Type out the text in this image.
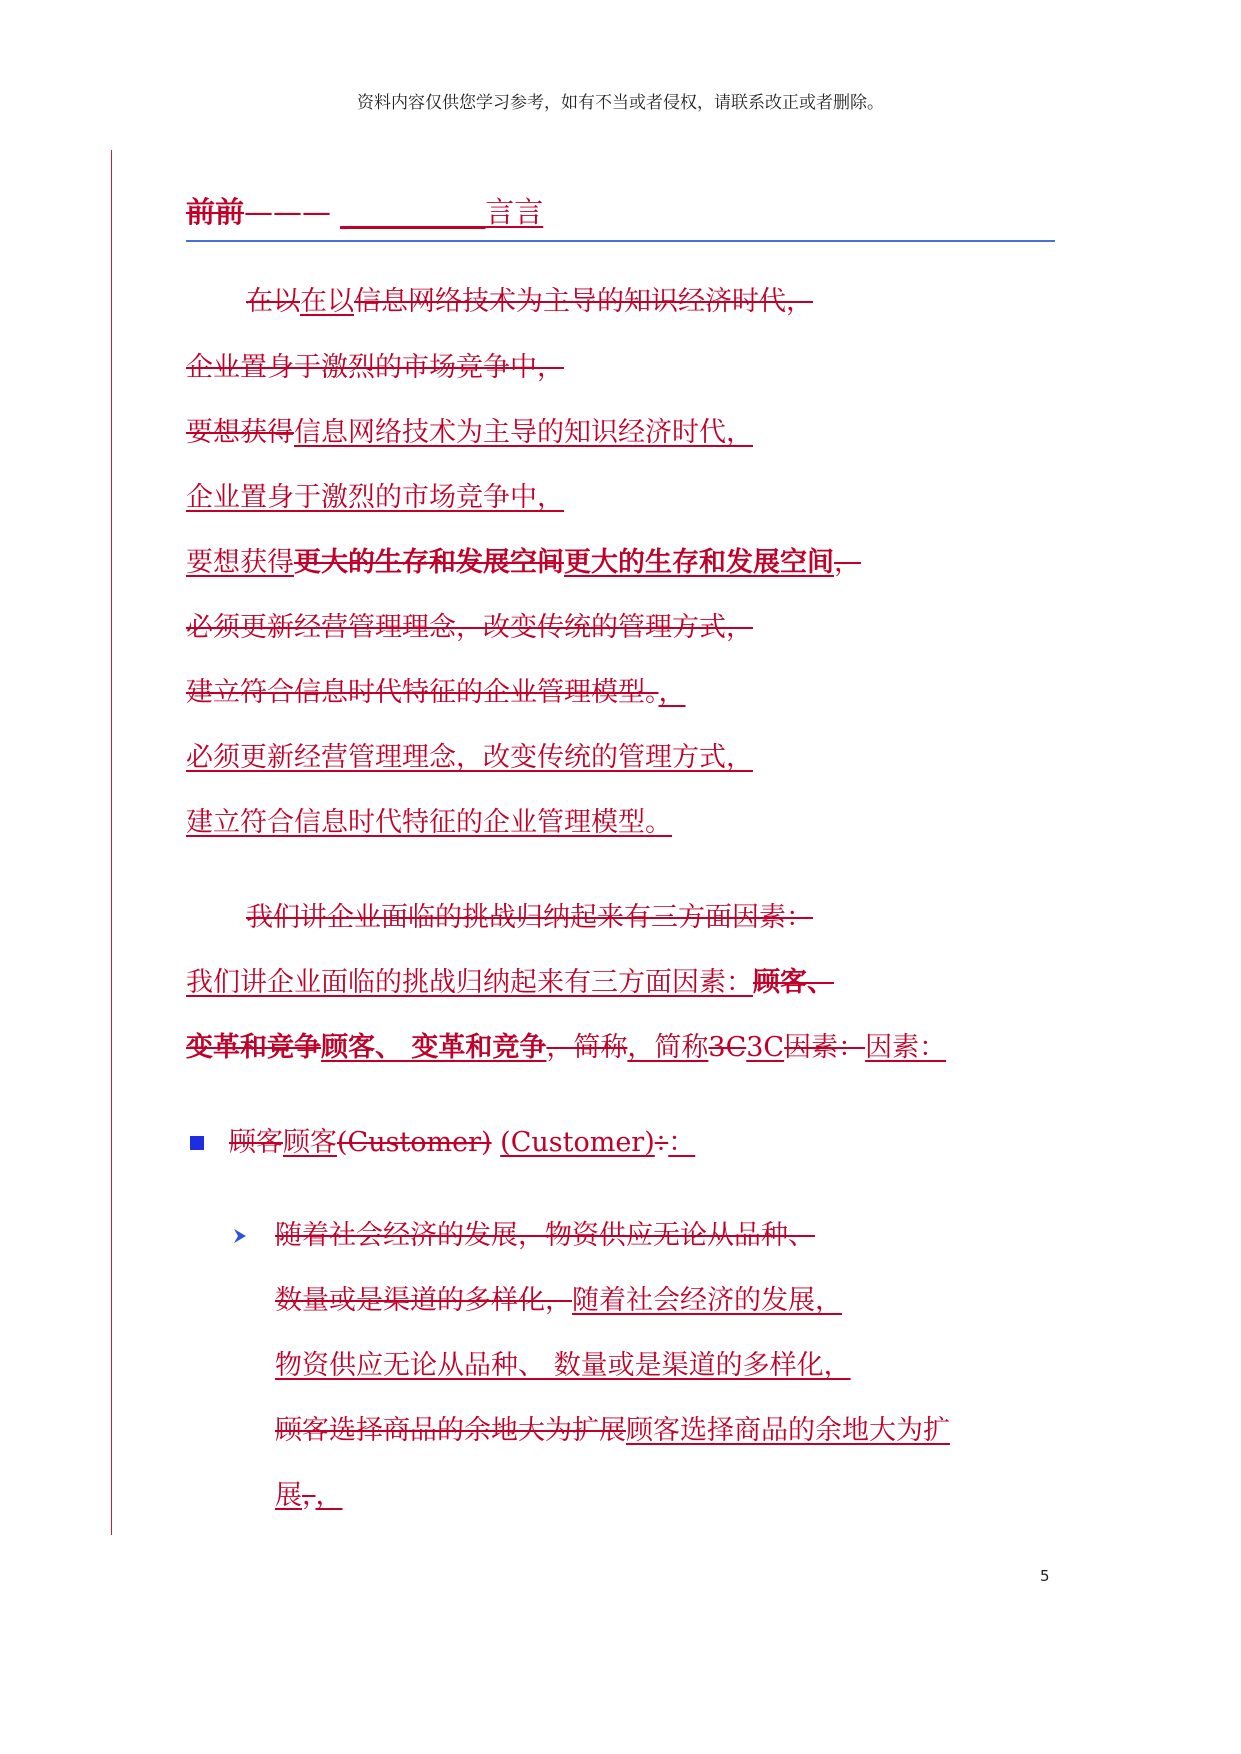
资料内容仅供您学习参考，如有不当或者侵权，请联系改正或者删除。
前前——— __________言言
在以在以信息网络技术为主导的知识经济时代，
企业置身于激烈的市场竞争中，
要想获得信息网络技术为主导的知识经济时代，
企业置身于激烈的市场竞争中，
要想获得更大的生存和发展空间更大的生存和发展空间，
必须更新经营管理理念，改变传统的管理方式，
建立符合信息时代特征的企业管理模型。，
必须更新经营管理理念，改变传统的管理方式，
建立符合信息时代特征的企业管理模型。
我们讲企业面临的挑战归纳起来有三方面因素：
我们讲企业面临的挑战归纳起来有三方面因素：顾客、
变革和竞争顾客、 变革和竞争，简称，简称3C3C因素：因素：
顾客顾客(Customer) (Customer)：：
随着社会经济的发展，物资供应无论从品种、
数量或是渠道的多样化，随着社会经济的发展，
物资供应无论从品种、 数量或是渠道的多样化，
顾客选择商品的余地大为扩展顾客选择商品的余地大为扩
展，，
5
